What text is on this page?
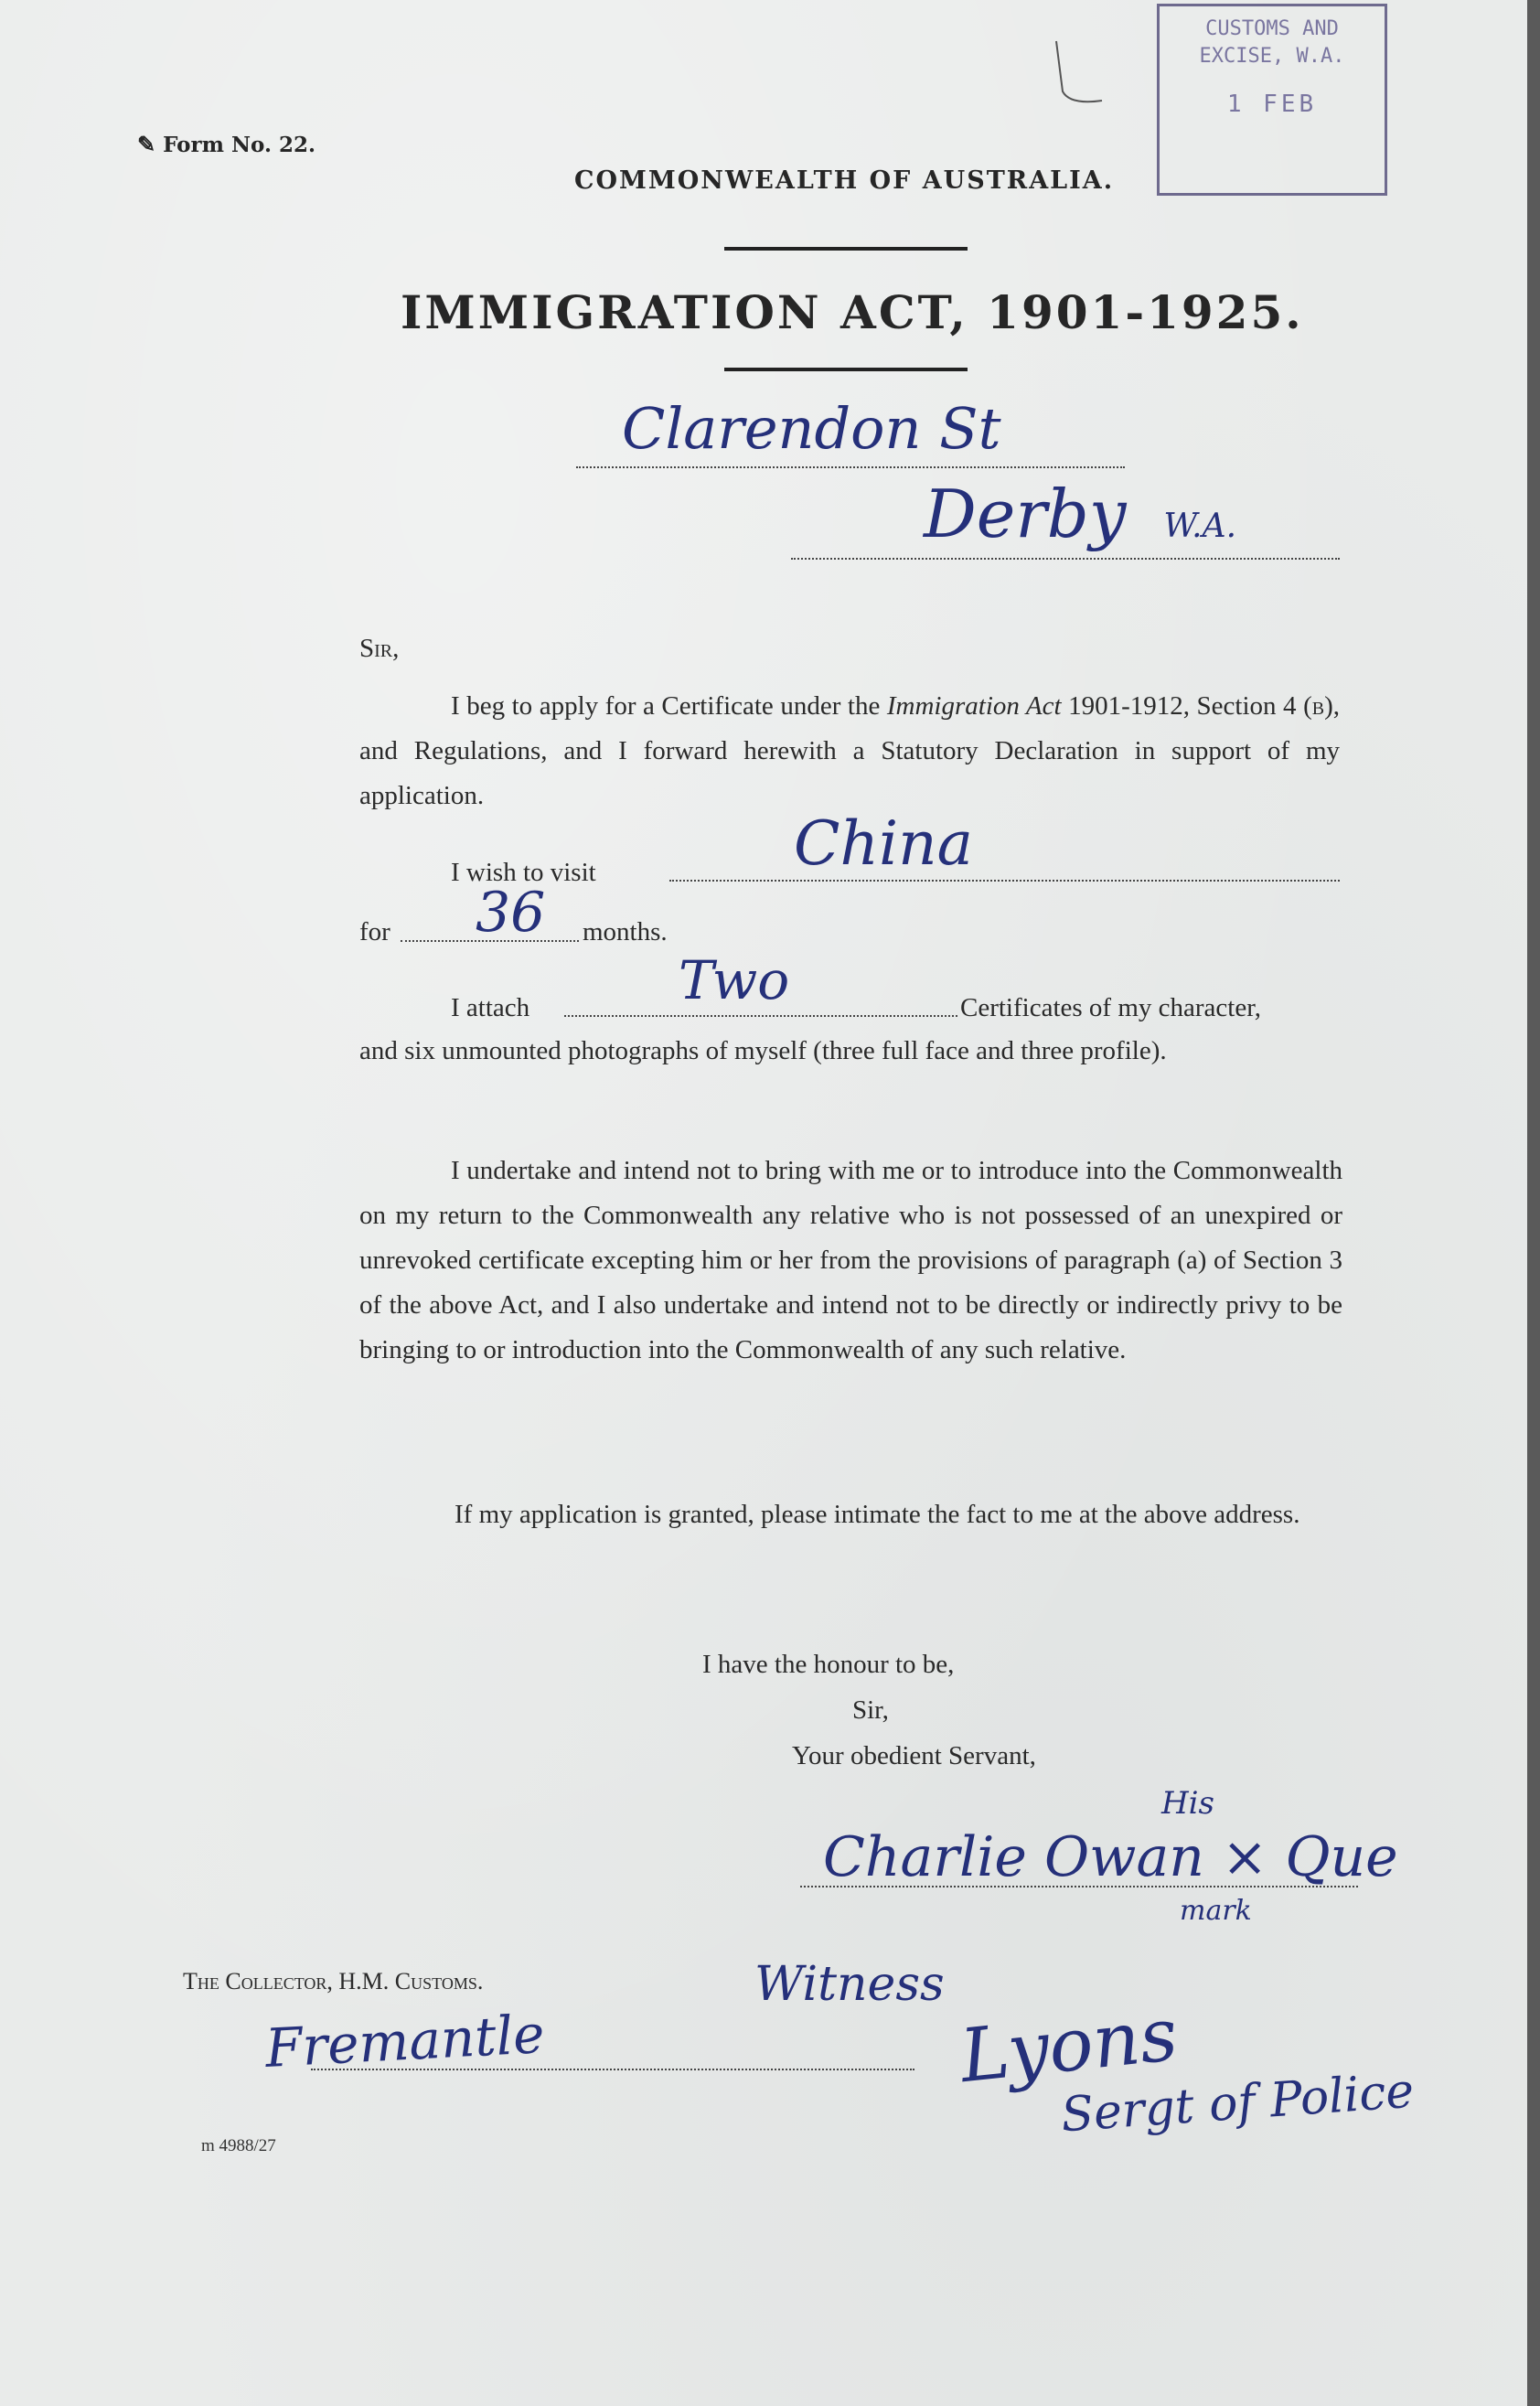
✎ Form No. 22.
COMMONWEALTH OF AUSTRALIA.
IMMIGRATION ACT, 1901-1925.
CUSTOMS AND
EXCISE, W.A.
1 FEB
Clarendon St
Derby W.A.
Sir,
I beg to apply for a Certificate under the Immigration Act 1901-1912, Section 4 (b), and Regulations, and I forward herewith a Statutory Declaration in support of my application.
I wish to visit	China
for 36 months.
I attach	Two	Certificates of my character,
and six unmounted photographs of myself (three full face and three profile).
I undertake and intend not to bring with me or to introduce into the Commonwealth on my return to the Commonwealth any relative who is not possessed of an unexpired or unrevoked certificate excepting him or her from the provisions of paragraph (a) of Section 3 of the above Act, and I also undertake and intend not to be directly or indirectly privy to be bringing to or introduction into the Commonwealth of any such relative.
If my application is granted, please intimate the fact to me at the above address.
I have the honour to be,
Sir,
Your obedient Servant,
His
Charlie Owan × Que
mark
The Collector, H.M. Customs.
Fremantle
Witness
Lyons
Sergt of Police
m 4988/27
